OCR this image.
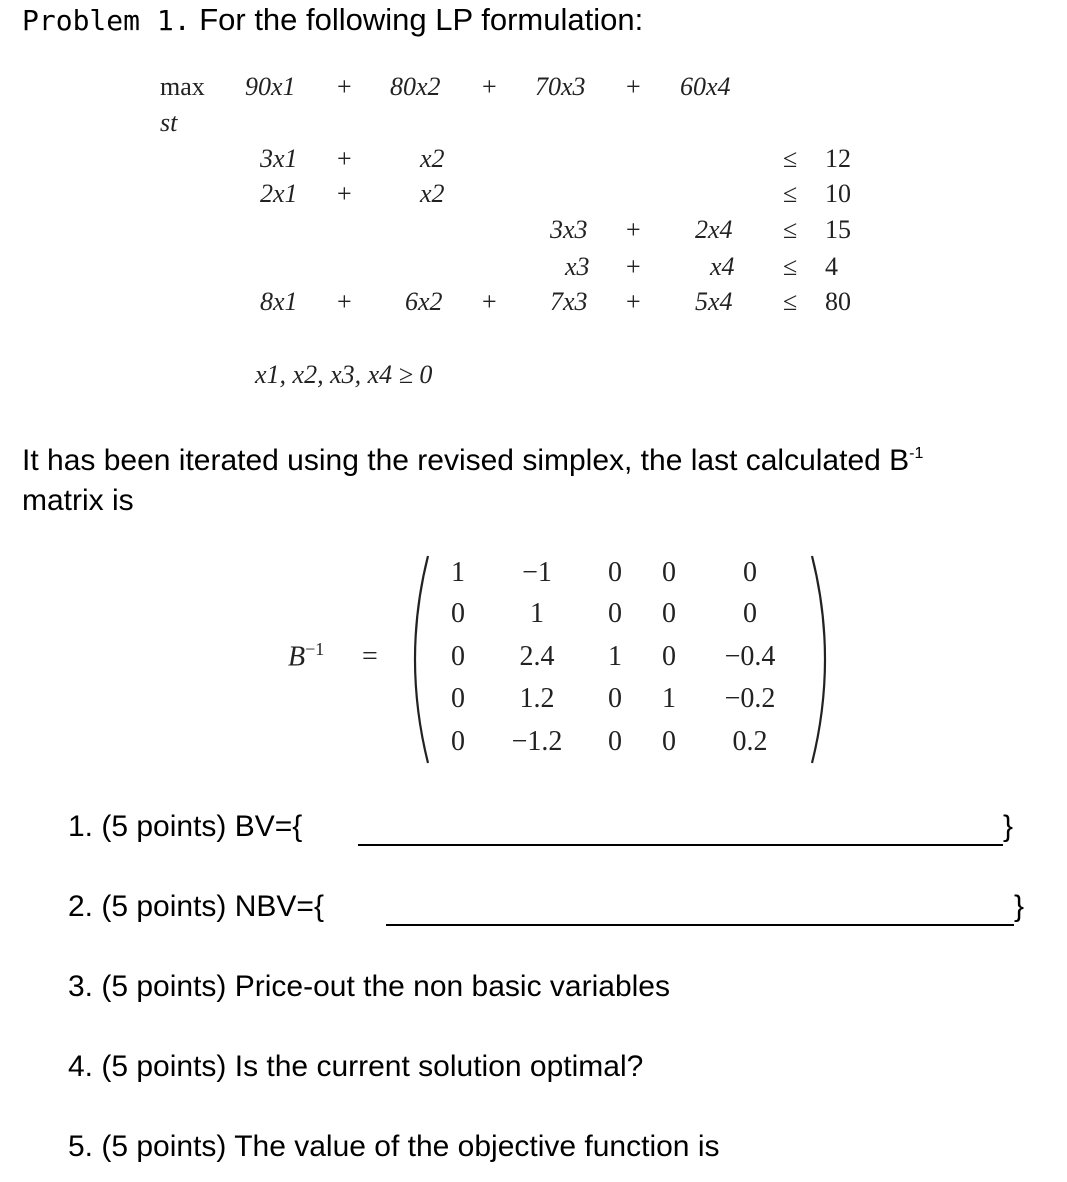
Problem 1. For the following LP formulation:
max 90x1 + 80x2 + 70x3 + 60x4
st
3x1 +	x2	≤ 12
2x1 +	x2	≤ 10
3x3 + 2x4 ≤ 15
x3 +	x4 ≤ 4
8x1 + 6x2 + 7x3 + 5x4 ≤ 80
x1, x2, x3, x4 ≥ 0
It has been iterated using the revised simplex, the last calculated $B^{-1}$
matrix is
$B^{-1}$ =
1	−1	0	0	0
0	1	0	0	0
0	2.4	1	0	−0.4
0	1.2	0	1	−0.2
0	−1.2	0	0	0.2
1. (5 points) BV={	}
2. (5 points) NBV={	}
3. (5 points) Price-out the non basic variables
4. (5 points) Is the current solution optimal?
5. (5 points) The value of the objective function is
